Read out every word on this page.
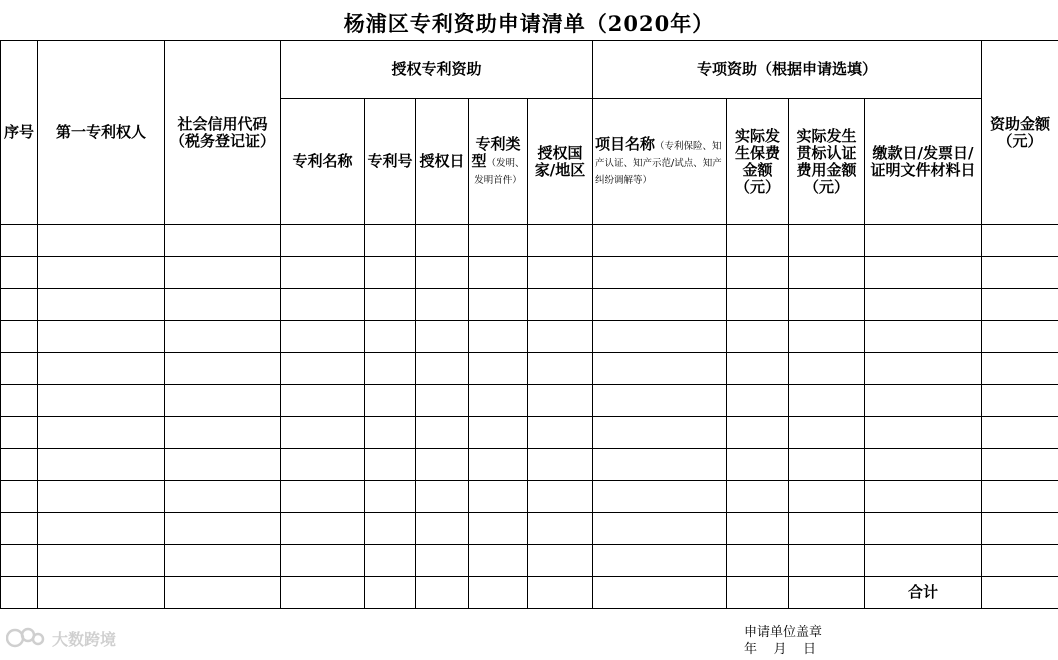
杨浦区专利资助申请清单（2020年）
序号	第一专利权人	社会信用代码（税务登记证）	授权专利资助					专项资助（根据申请选填）				资助金额（元）
			专利名称	专利号	授权日	专利类型（发明、发明首件）	授权国家/地区	项目名称（专利保险、知产认证、知产示范/试点、知产纠纷调解等）	实际发生保费金额（元）	实际发生贯标认证费用金额（元）	缴款日/发票日/证明文件材料日	

											合计	
大数跨境	申请单位盖章
年    月    日
